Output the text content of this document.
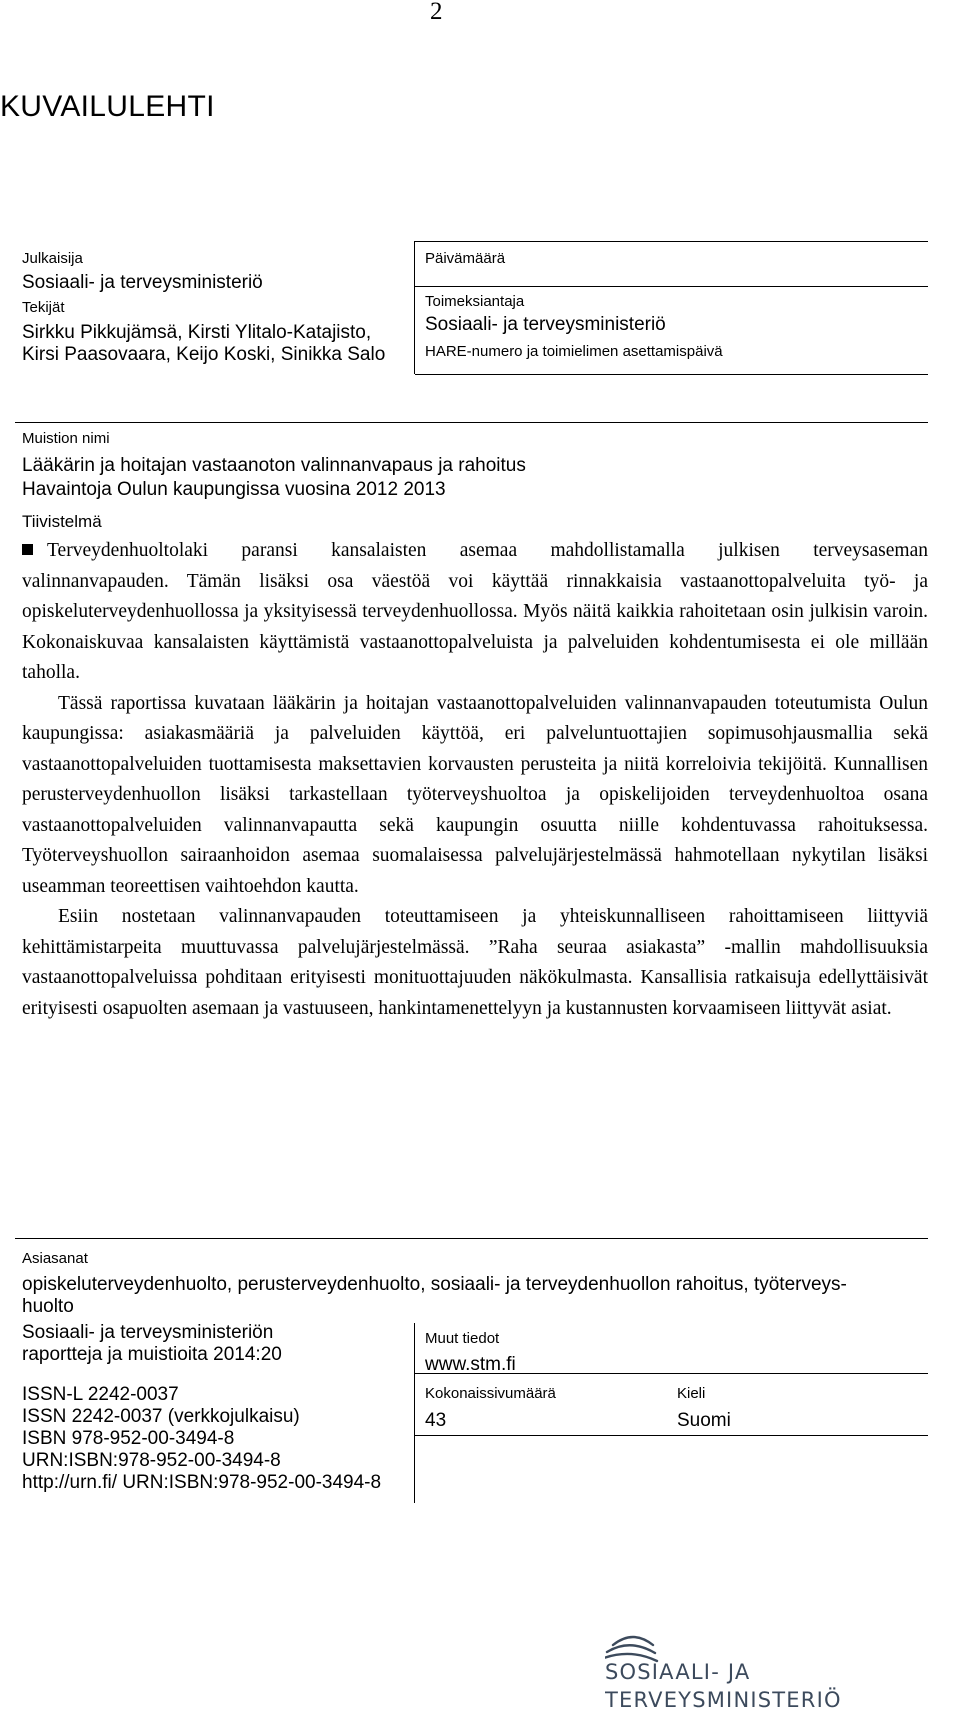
2
KUVAILULEHTI
Julkaisija
Sosiaali- ja terveysministeriö
Tekijät
Sirkku Pikkujämsä, Kirsti Ylitalo-Katajisto,
Kirsi Paasovaara, Keijo Koski, Sinikka Salo
Päivämäärä
Toimeksiantaja
Sosiaali- ja terveysministeriö
HARE-numero ja toimielimen asettamispäivä
Muistion nimi
Lääkärin ja hoitajan vastaanoton valinnanvapaus ja rahoitus
Havaintoja Oulun kaupungissa vuosina 2012 2013
Tiivistelmä

Terveydenhuoltolaki paransi kansalaisten asemaa mahdollistamalla julkisen terveysaseman

valinnanvapauden. Tämän lisäksi osa väestöä voi käyttää rinnakkaisia vastaanottopalveluita työ- ja opiskeluterveydenhuollossa ja yksityisessä terveydenhuollossa. Myös näitä kaikkia rahoitetaan osin julkisin varoin. Kokonaiskuvaa kansalaisten käyttämistä vastaanottopalveluista ja palveluiden kohdentumisesta ei ole millään taholla.

Tässä raportissa kuvataan lääkärin ja hoitajan vastaanottopalveluiden valinnanvapauden toteutumista Oulun kaupungissa: asiakasmääriä ja palveluiden käyttöä, eri palveluntuottajien sopimusohjausmallia sekä vastaanottopalveluiden tuottamisesta maksettavien korvausten perusteita ja niitä korreloivia tekijöitä. Kunnallisen perusterveydenhuollon lisäksi tarkastellaan työterveyshuoltoa ja opiskelijoiden terveydenhuoltoa osana vastaanottopalveluiden valinnanvapautta sekä kaupungin osuutta niille kohdentuvassa rahoituksessa. Työterveyshuollon sairaanhoidon asemaa suomalaisessa palvelujärjestelmässä hahmotellaan nykytilan lisäksi useamman teoreettisen vaihtoehdon kautta.

Esiin nostetaan valinnanvapauden toteuttamiseen ja yhteiskunnalliseen rahoittamiseen liittyviä kehittämistarpeita muuttuvassa palvelujärjestelmässä. ”Raha seuraa asiakasta” -mallin mahdollisuuksia vastaanottopalveluissa pohditaan erityisesti monituottajuuden näkökulmasta. Kansallisia ratkaisuja edellyttäisivät erityisesti osapuolten asemaan ja vastuuseen, hankintamenettelyyn ja kustannusten korvaamiseen liittyvät asiat.

Asiasanat
opiskeluterveydenhuolto, perusterveydenhuolto, sosiaali- ja terveydenhuollon rahoitus, työterveys-
huolto
Sosiaali- ja terveysministeriön
raportteja ja muistioita 2014:20
Muut tiedot
www.stm.fi
ISSN-L 2242-0037
ISSN 2242-0037 (verkkojulkaisu)
ISBN 978-952-00-3494-8
URN:ISBN:978-952-00-3494-8
http://urn.fi/ URN:ISBN:978-952-00-3494-8
Kokonaissivumäärä
43
Kieli
Suomi
SOSIAALI- JA
TERVEYSMINISTERIÖ
